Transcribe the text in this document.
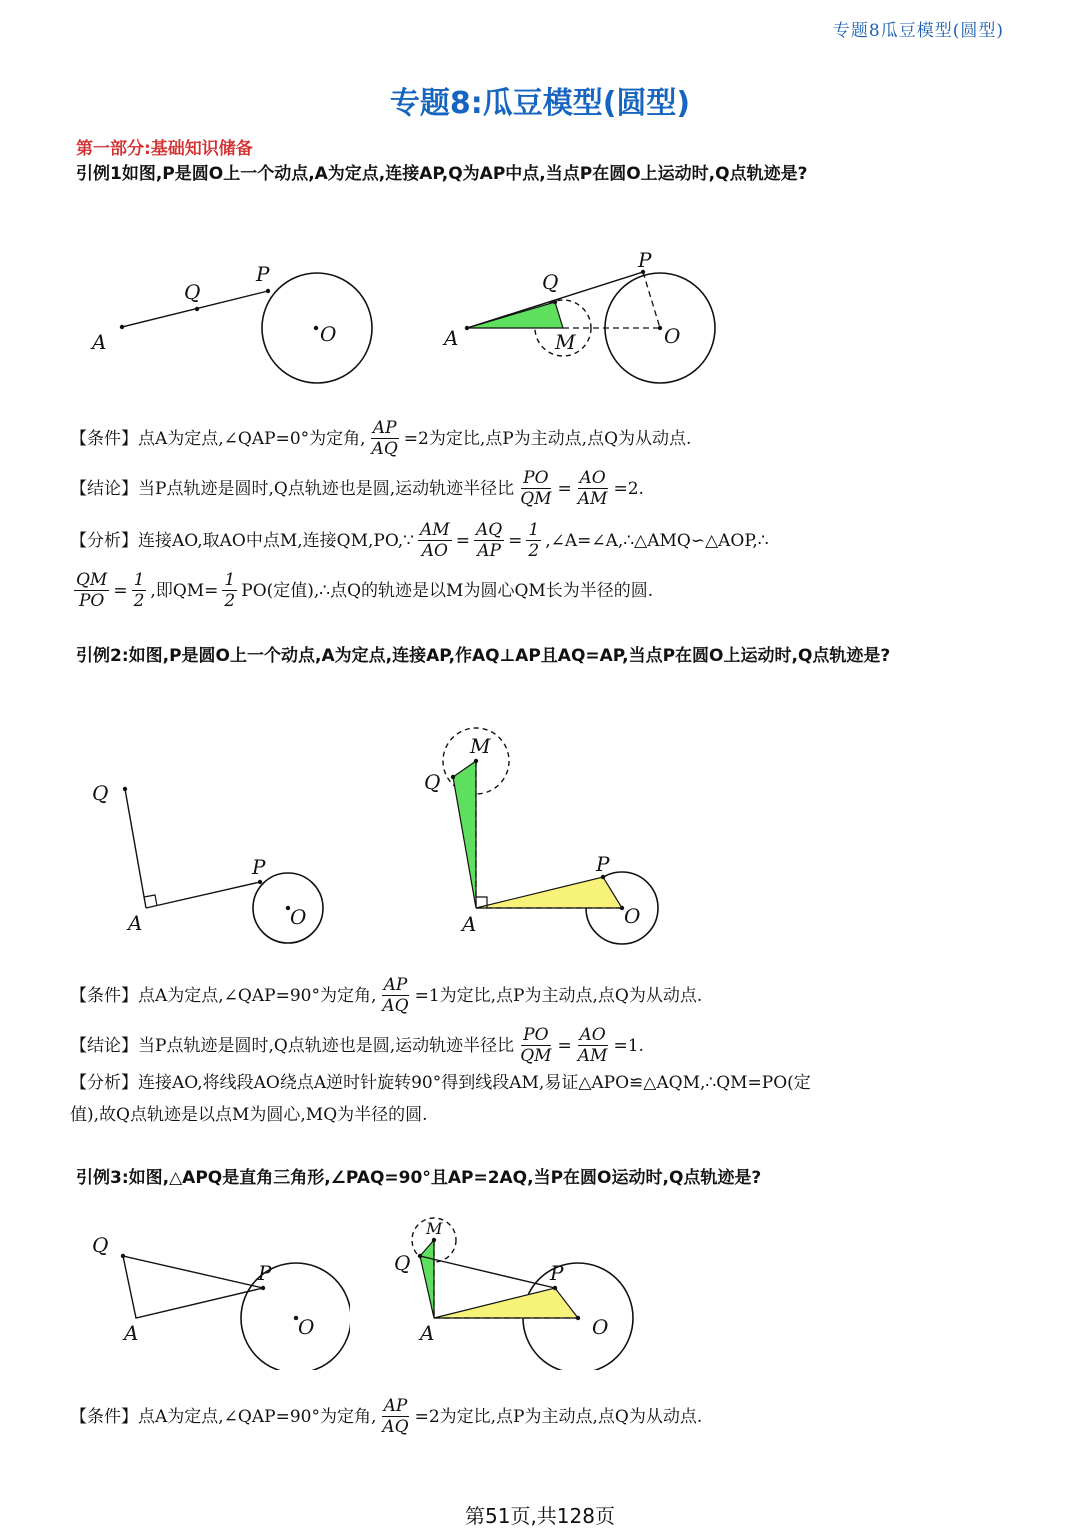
专题8瓜豆模型(圆型)
专题8:瓜豆模型(圆型)
第一部分:基础知识储备
引例1如图,P是圆O上一个动点,A为定点,连接AP,Q为AP中点,当点P在圆O上运动时,Q点轨迹是?
A
Q
P
O	A
Q
P
M	O
【条件】点A为定点,∠QAP=0°为定角, $\frac{AP}{AQ} =2$为定比,点P为主动点,点Q为从动点.
【结论】当P点轨迹是圆时,Q点轨迹也是圆,运动轨迹半径比 $\frac{PO}{QM} = \frac{AO}{AM} =2$.
【分析】连接AO,取AO中点M,连接QM,PO,∵ $\frac{AM}{AO} = \frac{AQ}{AP} = \frac{1}{2}$ ,∠A=∠A,∴△AMQ∽△AOP,∴
$\frac{QM}{PO} = \frac{1}{2}$ ,即$QM= \frac{1}{2} PO$(定值),∴点Q的轨迹是以M为圆心QM长为半径的圆.
引例2:如图,P是圆O上一个动点,A为定点,连接AP,作AQ⊥AP且AQ=AP,当点P在圆O上运动时,Q点轨迹是?
Q
A
P
O
M
Q
A
P
O
【条件】点A为定点,∠QAP=90°为定角, $\frac{AP}{AQ} =1$为定比,点P为主动点,点Q为从动点.
【结论】当P点轨迹是圆时,Q点轨迹也是圆,运动轨迹半径比 $\frac{PO}{QM} = \frac{AO}{AM} =1$.
【分析】连接AO,将线段AO绕点A逆时针旋转90°得到线段AM,易证△APO≌△AQM,∴QM=PO(定
值),故Q点轨迹是以点M为圆心,MQ为半径的圆.
引例3:如图,△APQ是直角三角形,∠PAQ=90°且AP=2AQ,当P在圆O运动时,Q点轨迹是?
Q
A
P
O
M
Q
A
P
O
【条件】点A为定点,∠QAP=90°为定角, $\frac{AP}{AQ} =2$为定比,点P为主动点,点Q为从动点.
第51页,共128页
